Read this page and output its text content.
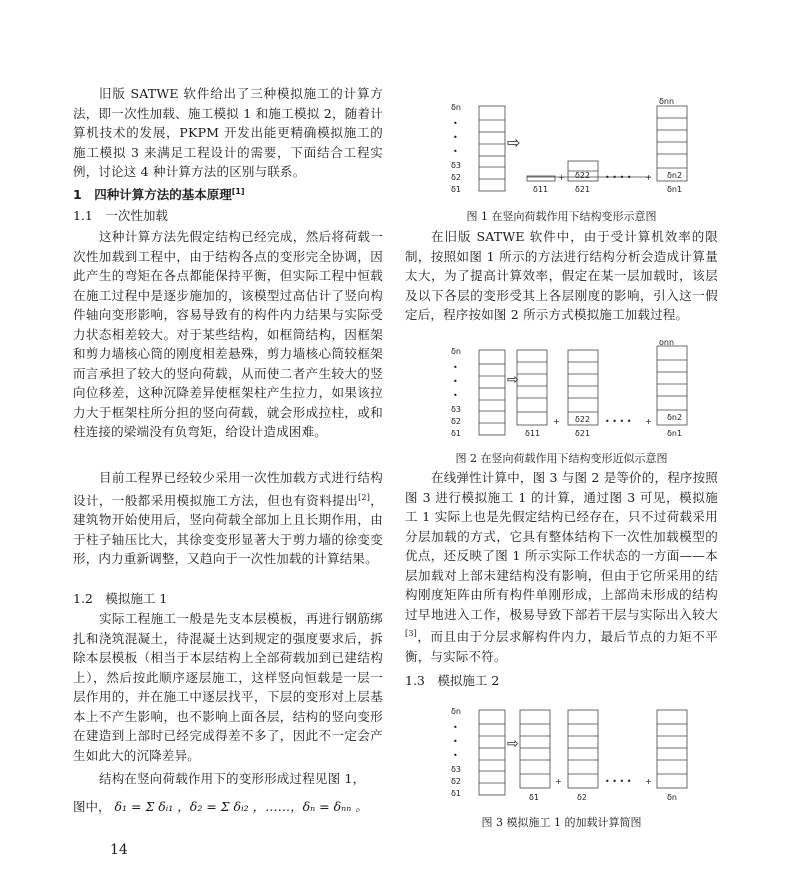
旧版 SATWE 软件给出了三种模拟施工的计算方法，即一次性加载、施工模拟 1 和施工模拟 2，随着计算机技术的发展，PKPM 开发出能更精确模拟施工的施工模拟 3 来满足工程设计的需要，下面结合工程实例，讨论这 4 种计算方法的区别与联系。

1　四种计算方法的基本原理[1]
1.1　一次性加载

这种计算方法先假定结构已经完成，然后将荷载一次性加载到工程中，由于结构各点的变形完全协调，因此产生的弯矩在各点都能保持平衡，但实际工程中恒载在施工过程中是逐步施加的，该模型过高估计了竖向构件轴向变形影响，容易导致有的构件内力结果与实际受力状态相差较大。对于某些结构，如框筒结构，因框架和剪力墙核心筒的刚度相差悬殊，剪力墙核心筒较框架而言承担了较大的竖向荷载，从而使二者产生较大的竖向位移差，这种沉降差异使框架柱产生拉力，如果该拉力大于框架柱所分担的竖向荷载，就会形成拉柱，或和柱连接的梁端没有负弯矩，给设计造成困难。

目前工程界已经较少采用一次性加载方式进行结构设计，一般都采用模拟施工方法，但也有资料提出[2]，建筑物开始使用后，竖向荷载全部加上且长期作用，由于柱子轴压比大，其徐变变形显著大于剪力墙的徐变变形，内力重新调整，又趋向于一次性加载的计算结果。

1.2　模拟施工 1

实际工程施工一般是先支本层模板，再进行钢筋绑扎和浇筑混凝土，待混凝土达到规定的强度要求后，拆除本层模板（相当于本层结构上全部荷载加到已建结构上），然后按此顺序逐层施工，这样竖向恒载是一层一层作用的，并在施工中逐层找平，下层的变形对上层基本上不产生影响，也不影响上面各层，结构的竖向变形在建造到上部时已经完成得差不多了，因此不一定会产生如此大的沉降差异。

结构在竖向荷载作用下的变形形成过程见图 1，

图中， δ₁ = Σ δᵢ₁ ，δ₂ = Σ δᵢ₂ ，……，δₙ = δₙₙ 。
14
δn
•
•
•
δ3
δ2
δ1
⇨
δ11
+ δ22
δ21
• • • • +
δnn
δn2
δn1
图 1 在竖向荷载作用下结构变形示意图

在旧版 SATWE 软件中，由于受计算机效率的限制，按照如图 1 所示的方法进行结构分析会造成计算量太大，为了提高计算效率，假定在某一层加载时，该层及以下各层的变形受其上各层刚度的影响，引入这一假定后，程序按如图 2 所示方式模拟施工加载过程。

δn
•
•
•
δ3
δ2
δ1
⇨
δ11
+ δ22
δ21
• • • • +
δnn
δn2
δn1
图 2 在竖向荷载作用下结构变形近似示意图

在线弹性计算中，图 3 与图 2 是等价的，程序按照图 3 进行模拟施工 1 的计算，通过图 3 可见，模拟施工 1 实际上也是先假定结构已经存在，只不过荷载采用分层加载的方式，它具有整体结构下一次性加载模型的优点，还反映了图 1 所示实际工作状态的一方面——本层加载对上部未建结构没有影响，但由于它所采用的结构刚度矩阵由所有构件单刚形成，上部尚未形成的结构过早地进入工作，极易导致下部若干层与实际出入较大[3]，而且由于分层求解构件内力，最后节点的力矩不平衡，与实际不符。

1.3　模拟施工 2
δn
•
•
•
δ3
δ2
δ1
⇨
δ1
+
δ2
• • • • +
δn
图 3 模拟施工 1 的加载计算简图
